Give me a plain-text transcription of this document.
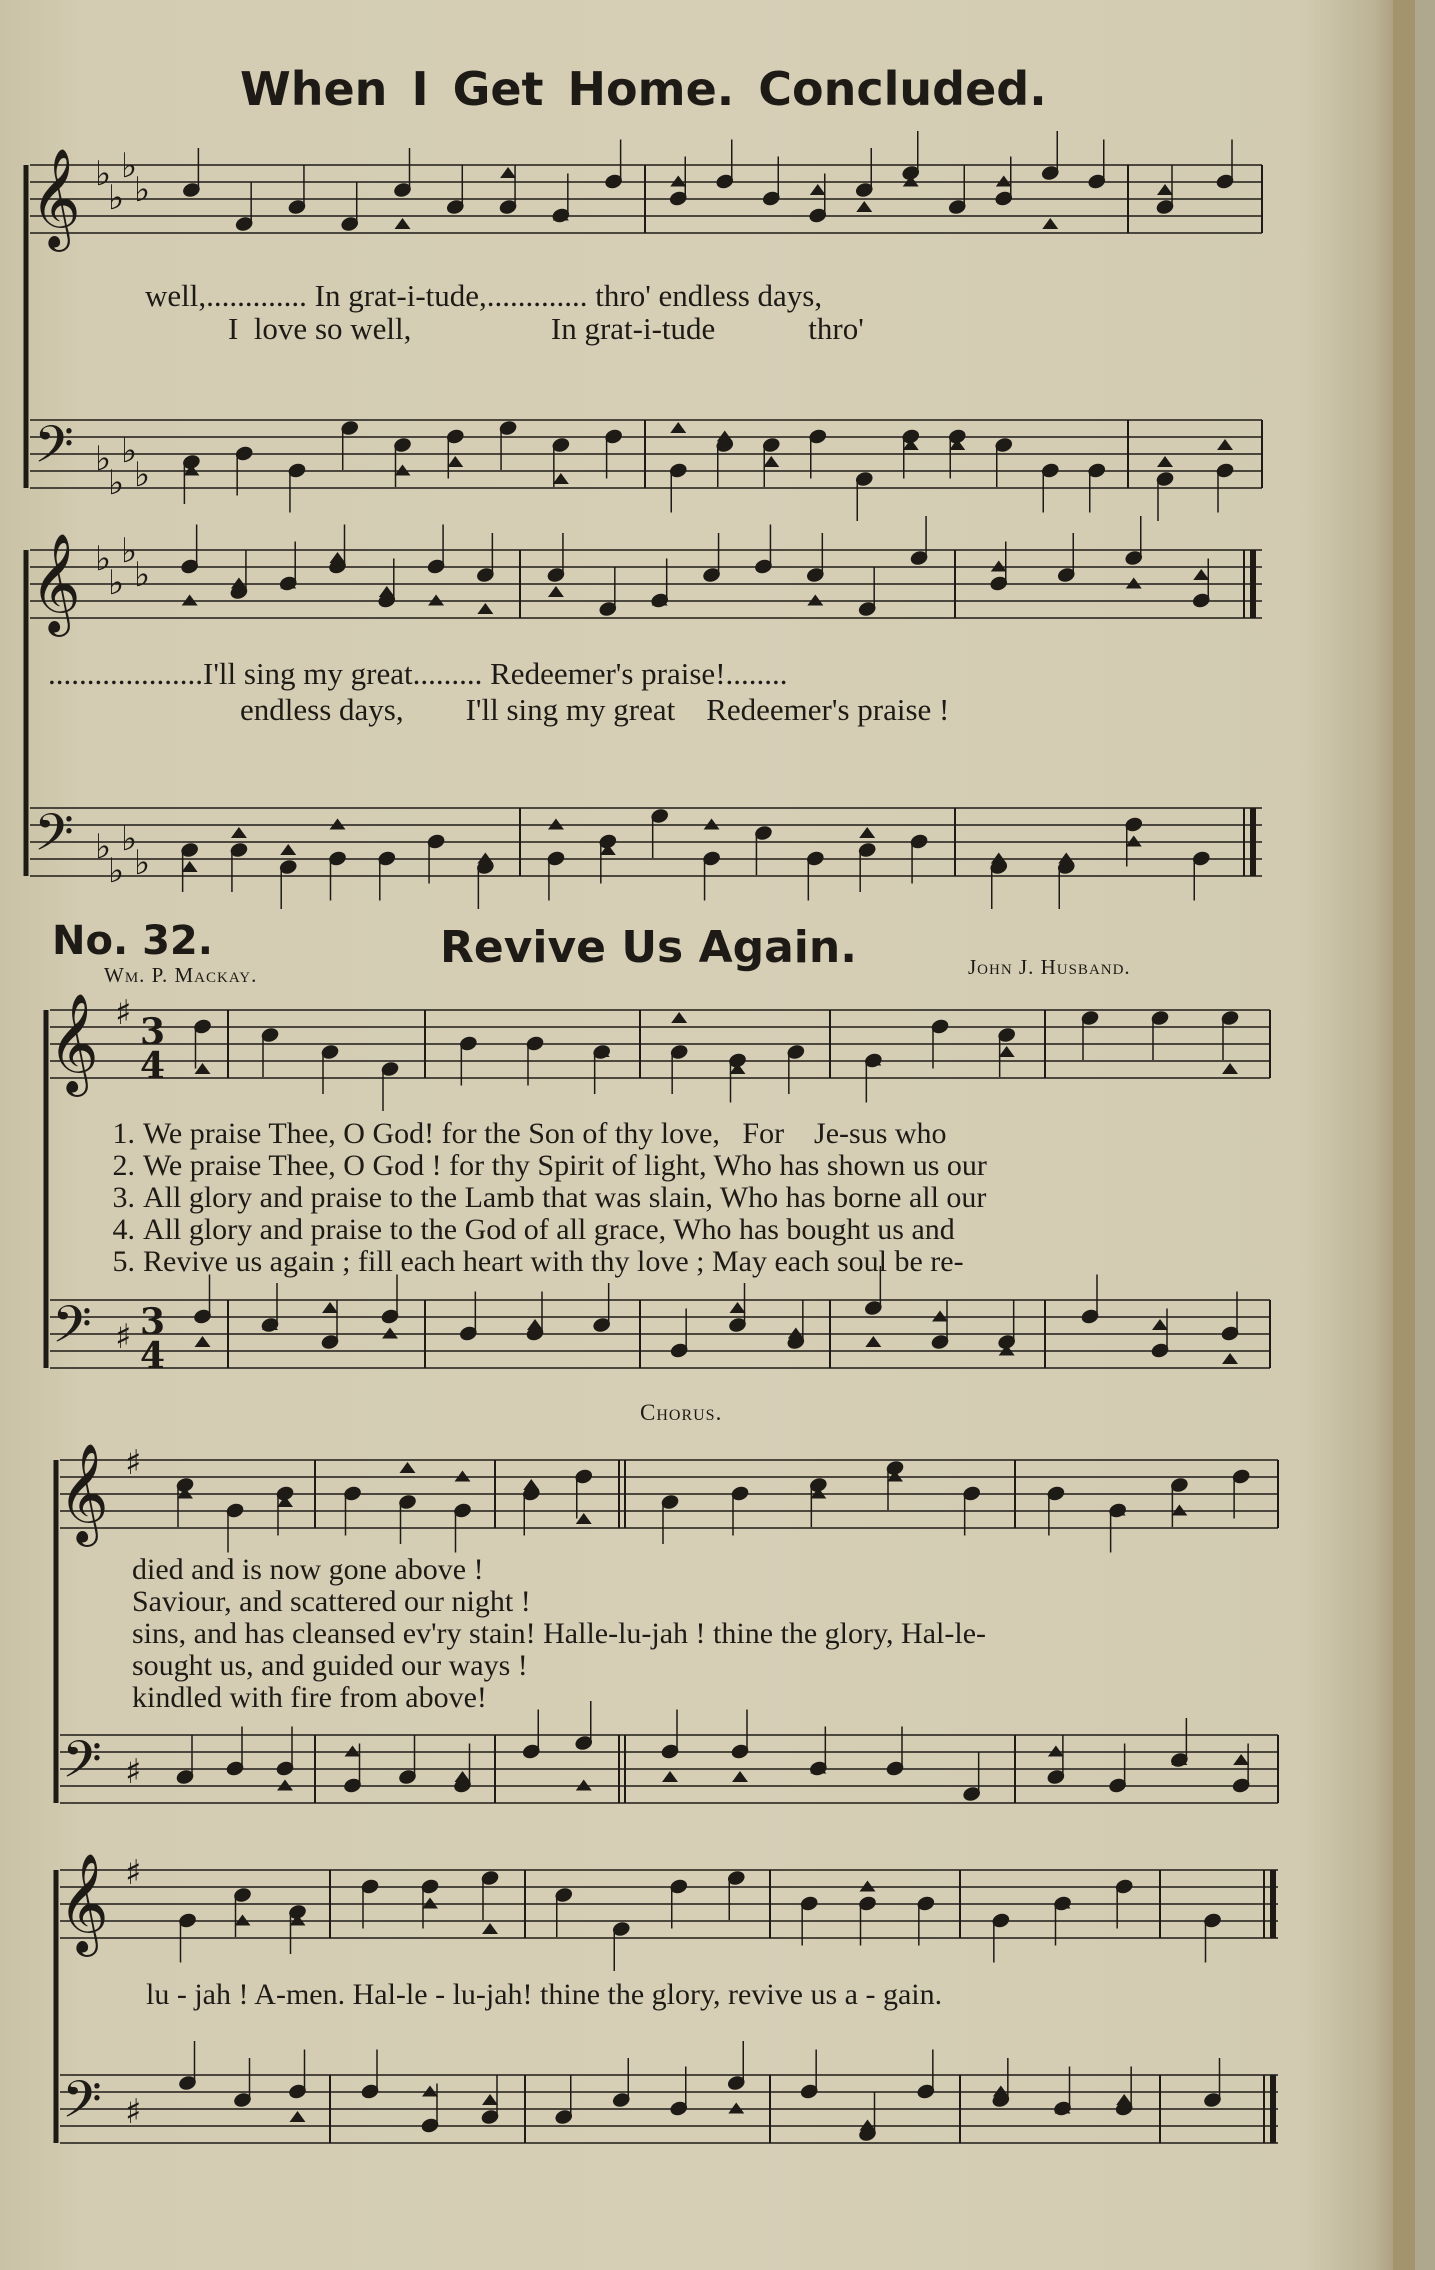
𝄞
𝄢
♭
♭
♭
♭
♭
♭
♭
♭
𝄞
𝄢
♭
♭
♭
♭
♭
♭
♭
♭
𝄞
𝄢
♯
♯
3
4
3
4
𝄞
𝄢
♯
♯
𝄞
𝄢
♯
♯
When I Get Home. Concluded.
well,............. In grat-i-tude,............. thro' endless days,
I  love so well,                  In grat-i-tude            thro'
....................I'll sing my great......... Redeemer's praise!........
endless days,        I'll sing my great    Redeemer's praise !
No. 32.	Revive Us Again.
Wm. P. Mackay.	John J. Husband.
1. We praise Thee, O God! for the Son of thy love,   For    Je-sus who
2. We praise Thee, O God ! for thy Spirit of light, Who has shown us our
3. All glory and praise to the Lamb that was slain, Who has borne all our
4. All glory and praise to the God of all grace, Who has bought us and
5. Revive us again ; fill each heart with thy love ; May each soul be re-
Chorus.
died and is now gone above !
Saviour, and scattered our night !
sins, and has cleansed ev'ry stain! Halle-lu-jah ! thine the glory, Hal-le-
sought us, and guided our ways !
kindled with fire from above!
lu - jah ! A-men. Hal-le - lu-jah! thine the glory, revive us a - gain.
